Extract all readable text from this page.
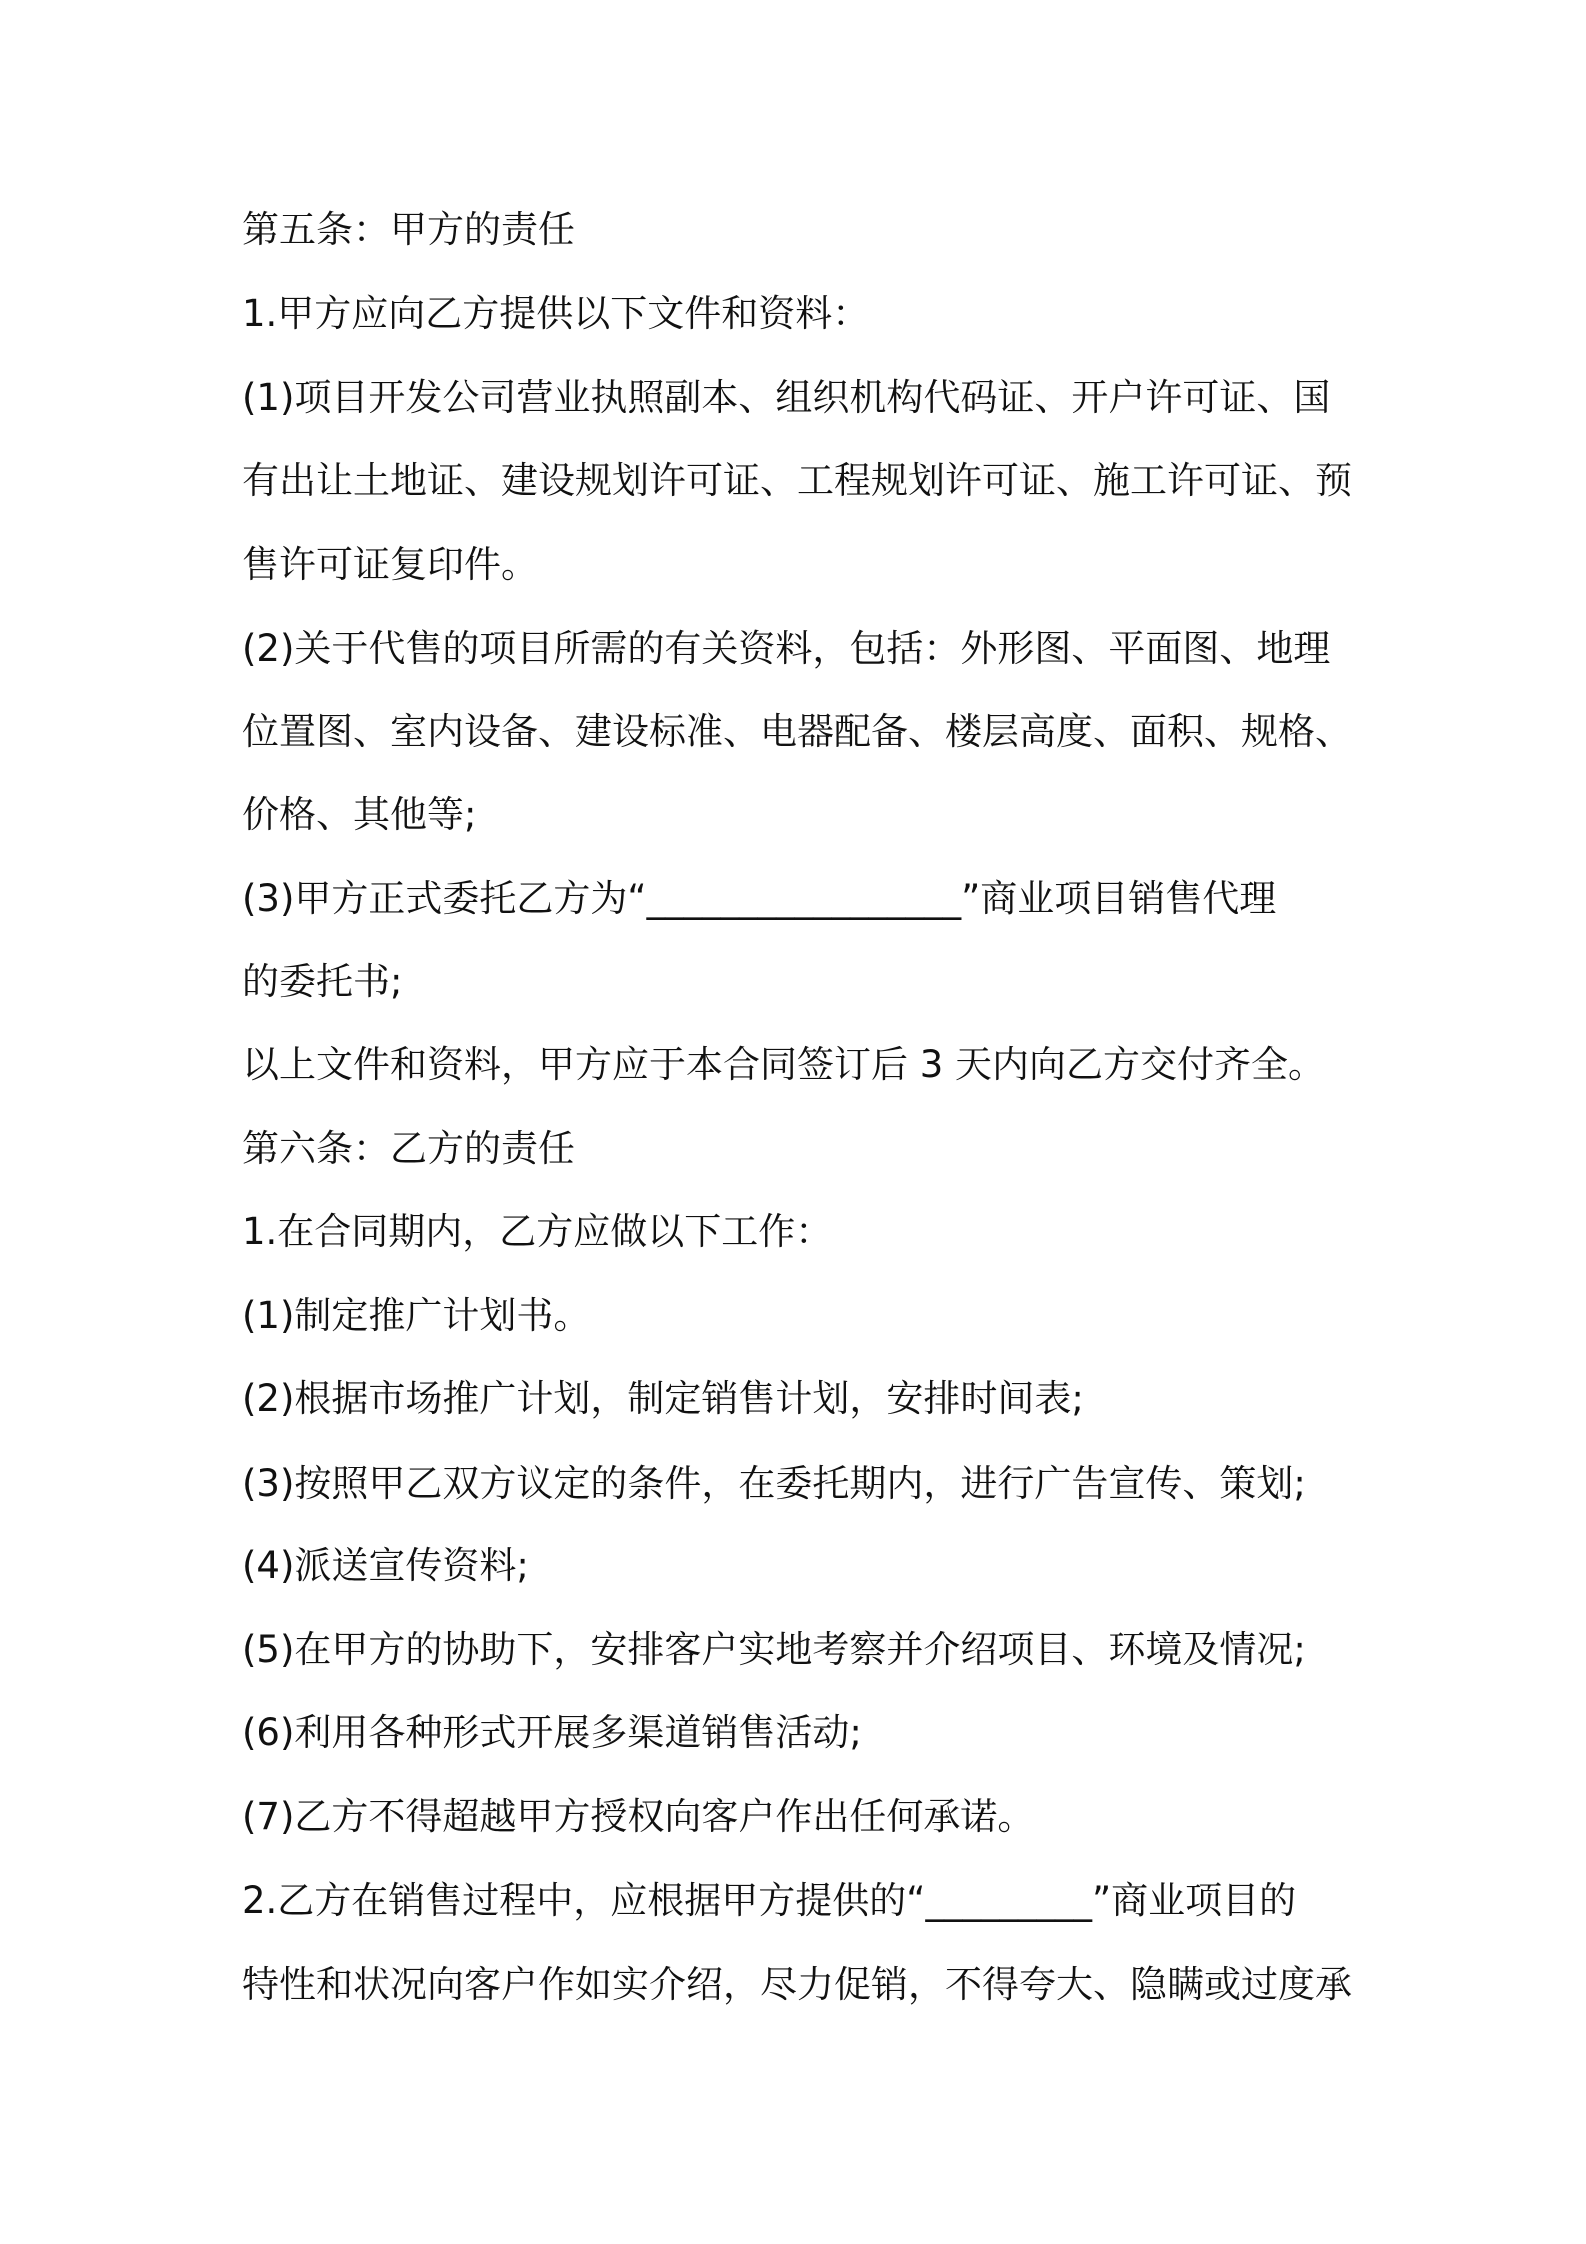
第五条：甲方的责任

1.甲方应向乙方提供以下文件和资料：

(1)项目开发公司营业执照副本、组织机构代码证、开户许可证、国

有出让土地证、建设规划许可证、工程规划许可证、施工许可证、预

售许可证复印件。

(2)关于代售的项目所需的有关资料，包括：外形图、平面图、地理

位置图、室内设备、建设标准、电器配备、楼层高度、面积、规格、

价格、其他等;

(3)甲方正式委托乙方为“_________________”商业项目销售代理

的委托书;

以上文件和资料，甲方应于本合同签订后 3 天内向乙方交付齐全。

第六条：乙方的责任

1.在合同期内，乙方应做以下工作：

(1)制定推广计划书。

(2)根据市场推广计划，制定销售计划，安排时间表;

(3)按照甲乙双方议定的条件，在委托期内，进行广告宣传、策划;

(4)派送宣传资料;

(5)在甲方的协助下，安排客户实地考察并介绍项目、环境及情况;

(6)利用各种形式开展多渠道销售活动;

(7)乙方不得超越甲方授权向客户作出任何承诺。

2.乙方在销售过程中，应根据甲方提供的“_________”商业项目的

特性和状况向客户作如实介绍，尽力促销，不得夸大、隐瞒或过度承
